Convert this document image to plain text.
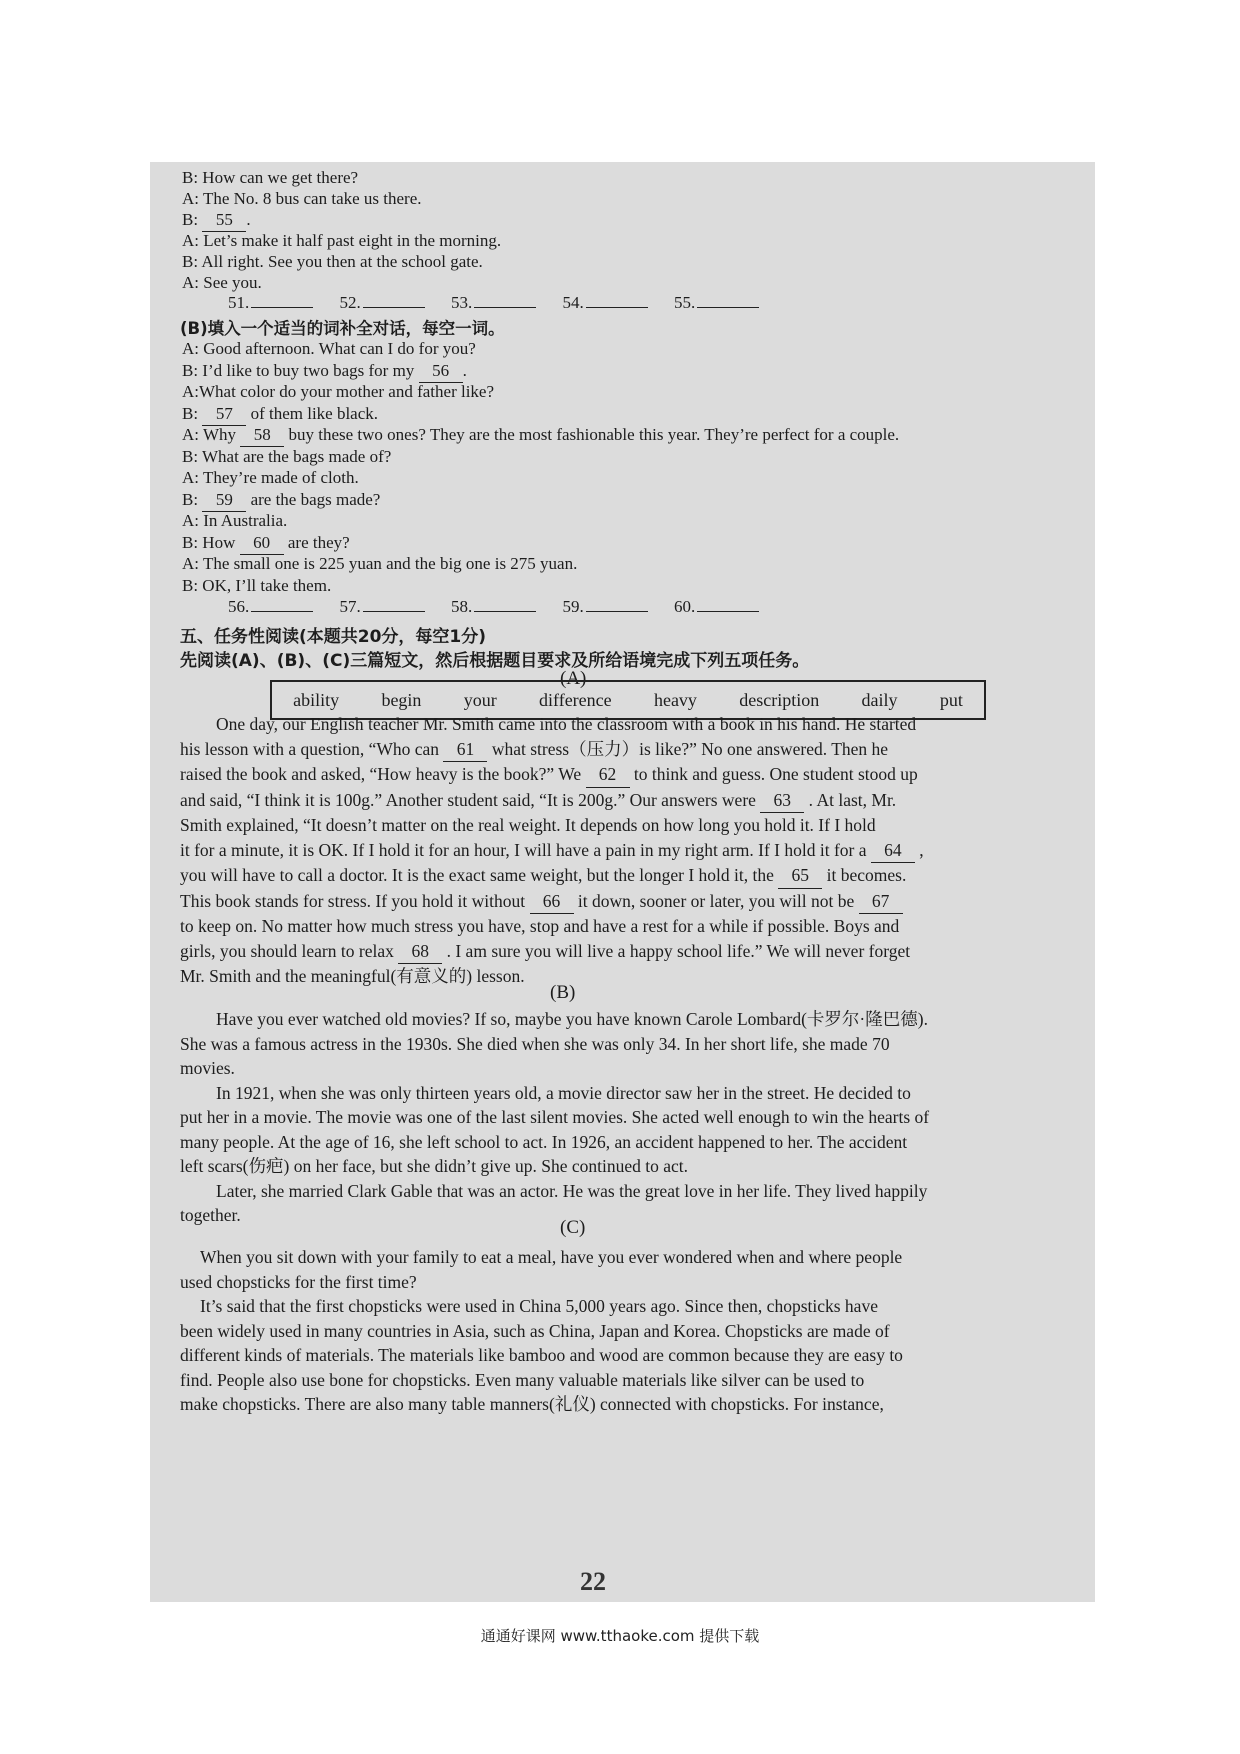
B: How can we get there?
A: The No. 8 bus can take us there.
B: 55 .
A: Let’s make it half past eight in the morning.
B: All right. See you then at the school gate.
A: See you.
51.	52.	53.	54.	55.
(B)填入一个适当的词补全对话，每空一词。
A: Good afternoon. What can I do for you?
B: I’d like to buy two bags for my 56 .
A:What color do your mother and father like?
B: 57 of them like black.
A: Why 58 buy these two ones? They are the most fashionable this year. They’re perfect for a couple.
B: What are the bags made of?
A: They’re made of cloth.
B: 59 are the bags made?
A: In Australia.
B: How 60 are they?
A: The small one is 225 yuan and the big one is 275 yuan.
B: OK, I’ll take them.
56.	57.	58.	59.	60.
五、任务性阅读(本题共20分，每空1分)
先阅读(A)、(B)、(C)三篇短文，然后根据题目要求及所给语境完成下列五项任务。
(A)
ability begin your difference heavy description daily put
One day, our English teacher Mr. Smith came into the classroom with a book in his hand. He started
his lesson with a question, “Who can 61 what stress（压力）is like?” No one answered. Then he
raised the book and asked, “How heavy is the book?” We 62 to think and guess. One student stood up
and said, “I think it is 100g.” Another student said, “It is 200g.” Our answers were 63 . At last, Mr.
Smith explained, “It doesn’t matter on the real weight. It depends on how long you hold it. If I hold
it for a minute, it is OK. If I hold it for an hour, I will have a pain in my right arm. If I hold it for a 64 ,
you will have to call a doctor. It is the exact same weight, but the longer I hold it, the 65 it becomes.
This book stands for stress. If you hold it without 66 it down, sooner or later, you will not be 67
to keep on. No matter how much stress you have, stop and have a rest for a while if possible. Boys and
girls, you should learn to relax 68 . I am sure you will live a happy school life.” We will never forget
Mr. Smith and the meaningful(有意义的) lesson.
(B)
Have you ever watched old movies? If so, maybe you have known Carole Lombard(卡罗尔·隆巴德).
She was a famous actress in the 1930s. She died when she was only 34. In her short life, she made 70
movies.
In 1921, when she was only thirteen years old, a movie director saw her in the street. He decided to
put her in a movie. The movie was one of the last silent movies. She acted well enough to win the hearts of
many people. At the age of 16, she left school to act. In 1926, an accident happened to her. The accident
left scars(伤疤) on her face, but she didn’t give up. She continued to act.
Later, she married Clark Gable that was an actor. He was the great love in her life. They lived happily
together.
(C)
When you sit down with your family to eat a meal, have you ever wondered when and where people
used chopsticks for the first time?
It’s said that the first chopsticks were used in China 5,000 years ago. Since then, chopsticks have
been widely used in many countries in Asia, such as China, Japan and Korea. Chopsticks are made of
different kinds of materials. The materials like bamboo and wood are common because they are easy to
find. People also use bone for chopsticks. Even many valuable materials like silver can be used to
make chopsticks. There are also many table manners(礼仪) connected with chopsticks. For instance,
22
通通好课网 www.tthaoke.com 提供下载
